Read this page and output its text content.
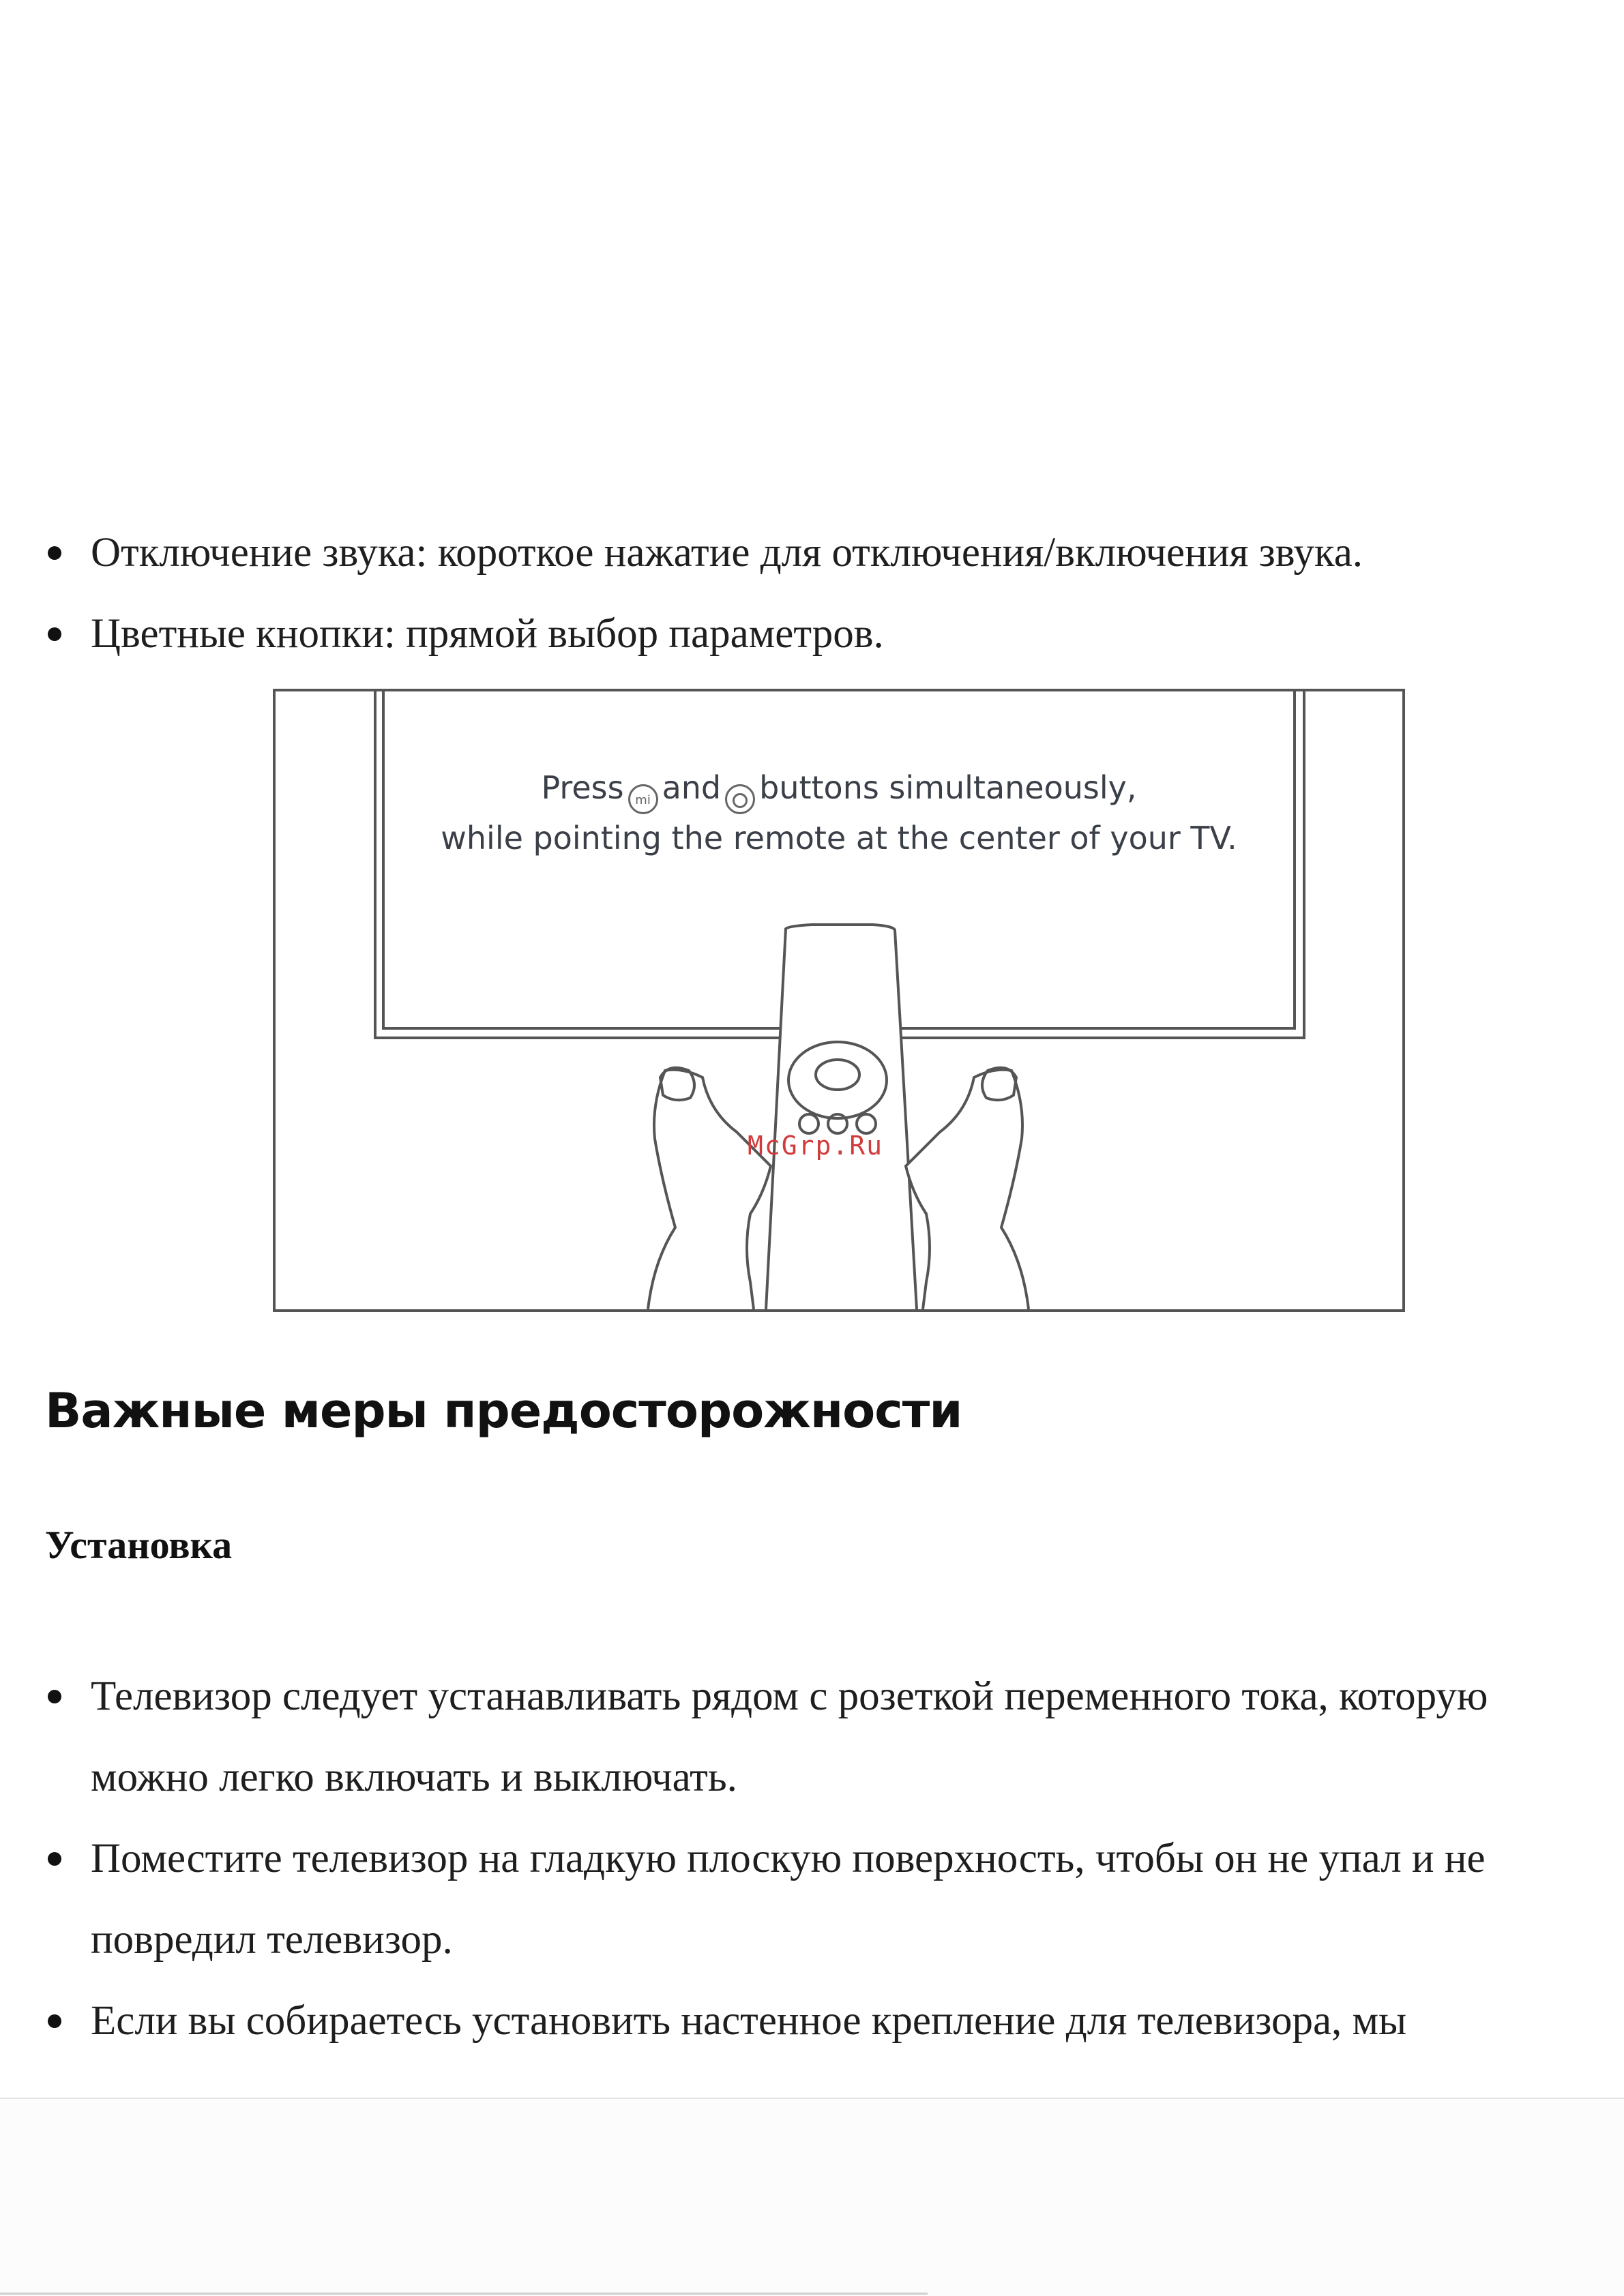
Отключение звука: короткое нажатие для отключения/включения звука.
Цветные кнопки: прямой выбор параметров.
Press mi and buttons simultaneously,
while pointing the remote at the center of your TV.
McGrp.Ru
Важные меры предосторожности
Установка
Телевизор следует устанавливать рядом с розеткой переменного тока, которую можно легко включать и выключать.
Поместите телевизор на гладкую плоскую поверхность, чтобы он не упал и не повредил телевизор.
Если вы собираетесь установить настенное крепление для телевизора, мы
